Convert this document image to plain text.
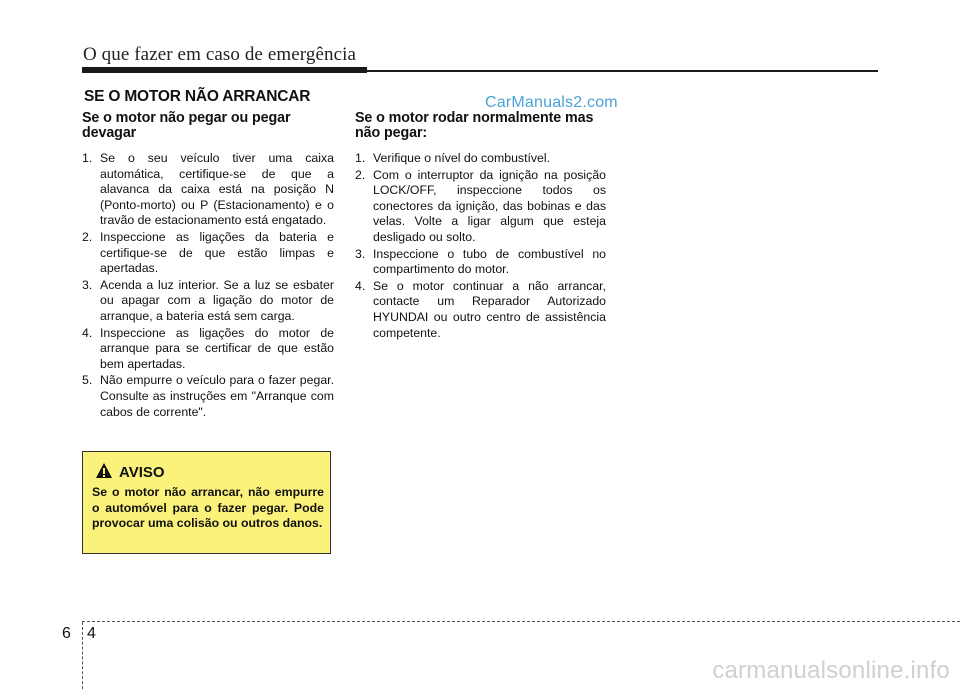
O que fazer em caso de emergência
SE O MOTOR NÃO ARRANCAR	CarManuals2.com
Se o motor não pegar ou pegar devagar
1. Se o seu veículo tiver uma caixa automática, certifique-se de que a alavanca da caixa está na posição N (Ponto-morto) ou P (Estacionamento) e o travão de estacionamento está engatado.
2. Inspeccione as ligações da bateria e certifique-se de que estão limpas e apertadas.
3. Acenda a luz interior. Se a luz se esbater ou apagar com a ligação do motor de arranque, a bateria está sem carga.
4. Inspeccione as ligações do motor de arranque para se certificar de que estão bem apertadas.
5. Não empurre o veículo para o fazer pegar. Consulte as instruções em "Arranque com cabos de corrente".
Se o motor rodar normalmente mas não pegar:
1. Verifique o nível do combustível.
2. Com o interruptor da ignição na posição LOCK/OFF, inspeccione todos os conectores da ignição, das bobinas e das velas. Volte a ligar algum que esteja desligado ou solto.
3. Inspeccione o tubo de combustível no compartimento do motor.
4. Se o motor continuar a não arrancar, contacte um Reparador Autorizado HYUNDAI ou outro centro de assistência competente.
AVISO
Se o motor não arrancar, não empurre o automóvel para o fazer pegar. Pode provocar uma colisão ou outros danos.
6 4
carmanualsonline.info
